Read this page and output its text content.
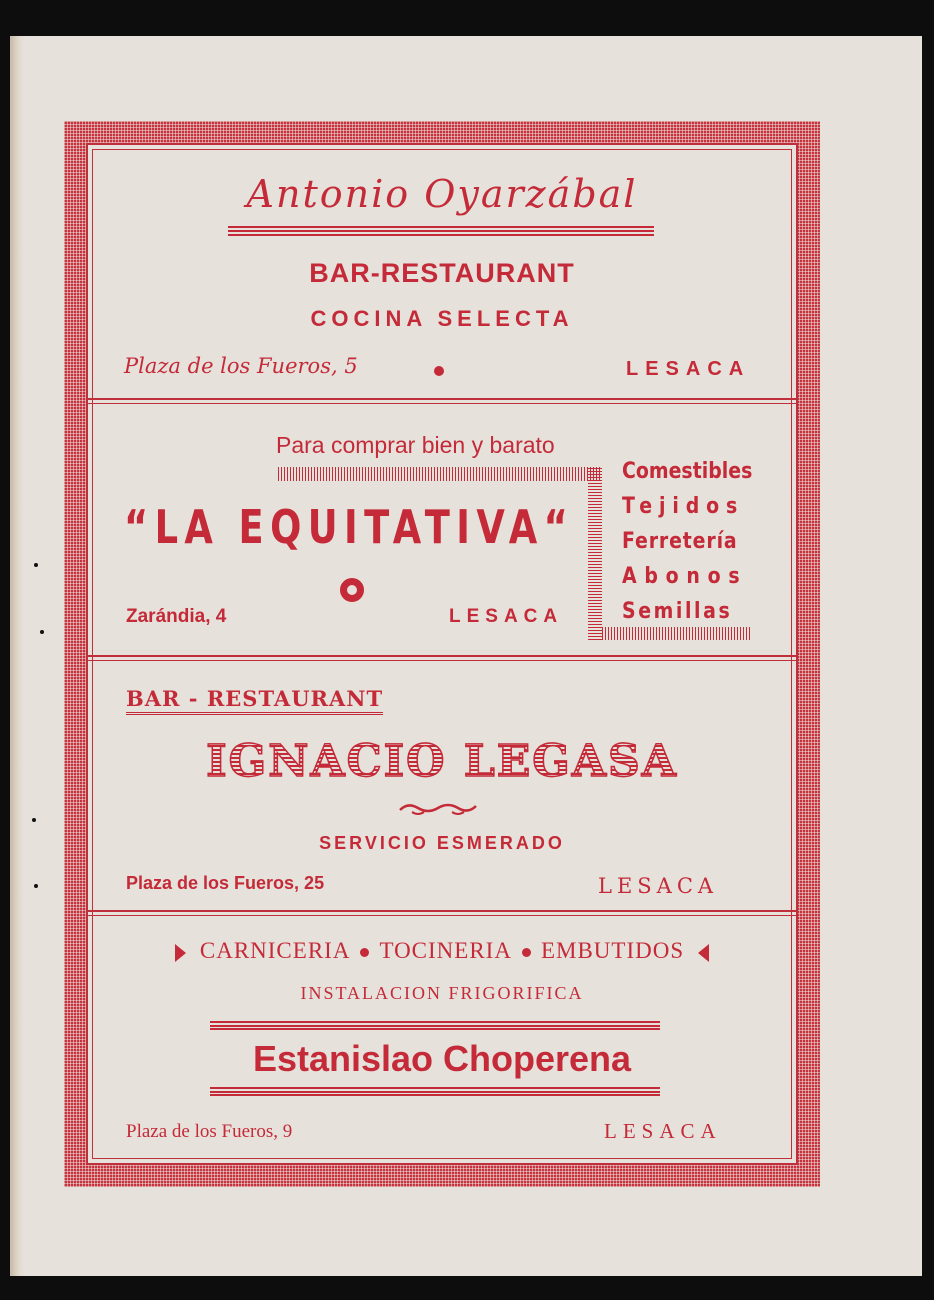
Antonio Oyarzábal
BAR-RESTAURANT
COCINA SELECTA
Plaza de los Fueros, 5	LESACA
Para comprar bien y barato
“LA EQUITATIVA“
Zarándia, 4	LESACA
Comestibles
Tejidos
Ferretería
Abonos
Semillas
BAR - RESTAURANT
IGNACIO LEGASA
SERVICIO ESMERADO
Plaza de los Fueros, 25	LESACA
CARNICERIA TOCINERIA EMBUTIDOS
INSTALACION FRIGORIFICA
Estanislao Choperena
Plaza de los Fueros, 9	LESACA
